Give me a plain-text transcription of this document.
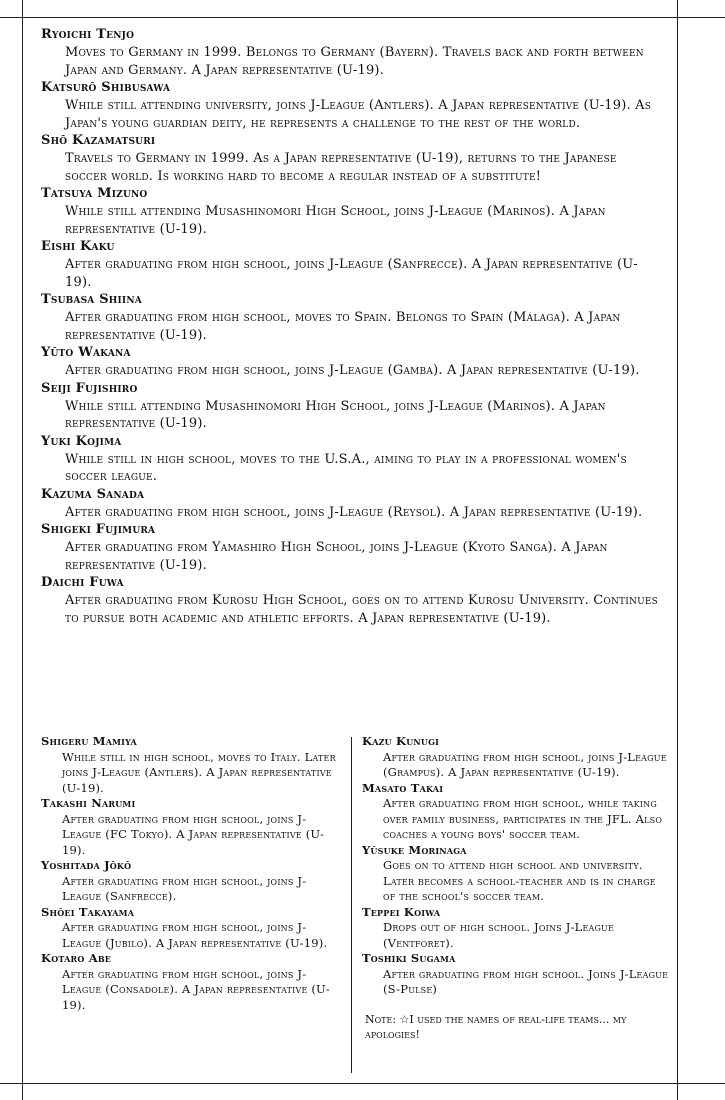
Ryoichi Tenjo
Moves to Germany in 1999. Belongs to Germany (Bayern). Travels back and forth between Japan and Germany. A Japan representative (U-19).
Katsurō Shibusawa
While still attending university, joins J-League (Antlers). A Japan representative (U-19). As Japan's young guardian deity, he represents a challenge to the rest of the world.
Shō Kazamatsuri
Travels to Germany in 1999. As a Japan representative (U-19), returns to the Japanese soccer world. Is working hard to become a regular instead of a substitute!
Tatsuya Mizuno
While still attending Musashinomori High School, joins J-League (Marinos). A Japan representative (U-19).
Eishi Kaku
After graduating from high school, joins J-League (Sanfrecce). A Japan representative (U-19).
Tsubasa Shiina
After graduating from high school, moves to Spain. Belongs to Spain (Málaga). A Japan representative (U-19).
Yūto Wakana
After graduating from high school, joins J-League (Gamba). A Japan representative (U-19).
Seiji Fujishiro
While still attending Musashinomori High School, joins J-League (Marinos). A Japan representative (U-19).
Yuki Kojima
While still in high school, moves to the U.S.A., aiming to play in a professional women's soccer league.
Kazuma Sanada
After graduating from high school, joins J-League (Reysol). A Japan representative (U-19).
Shigeki Fujimura
After graduating from Yamashiro High School, joins J-League (Kyoto Sanga). A Japan representative (U-19).
Daichi Fuwa
After graduating from Kurosu High School, goes on to attend Kurosu University. Continues to pursue both academic and athletic efforts. A Japan representative (U-19).
Shigeru Mamiya
While still in high school, moves to Italy. Later joins J-League (Antlers). A Japan representative (U-19).
Takashi Narumi
After graduating from high school, joins J-League (FC Tokyo). A Japan representative (U-19).
Yoshitada Jōkō
After graduating from high school, joins J-League (Sanfrecce).
Shōei Takayama
After graduating from high school, joins J-League (Jubilo). A Japan representative (U-19).
Kotaro Abe
After graduating from high school, joins J-League (Consadole). A Japan representative (U-19).
Kazu Kunugi
After graduating from high school, joins J-League (Grampus). A Japan representative (U-19).
Masato Takai
After graduating from high school, while taking over family business, participates in the JFL. Also coaches a young boys' soccer team.
Yūsuke Morinaga
Goes on to attend high school and university. Later becomes a school-teacher and is in charge of the school's soccer team.
Teppei Koiwa
Drops out of high school. Joins J-League (Ventforet).
Toshiki Sugama
After graduating from high school. Joins J-League (S-Pulse)
Note: ☆I used the names of real-life teams... my apologies!
